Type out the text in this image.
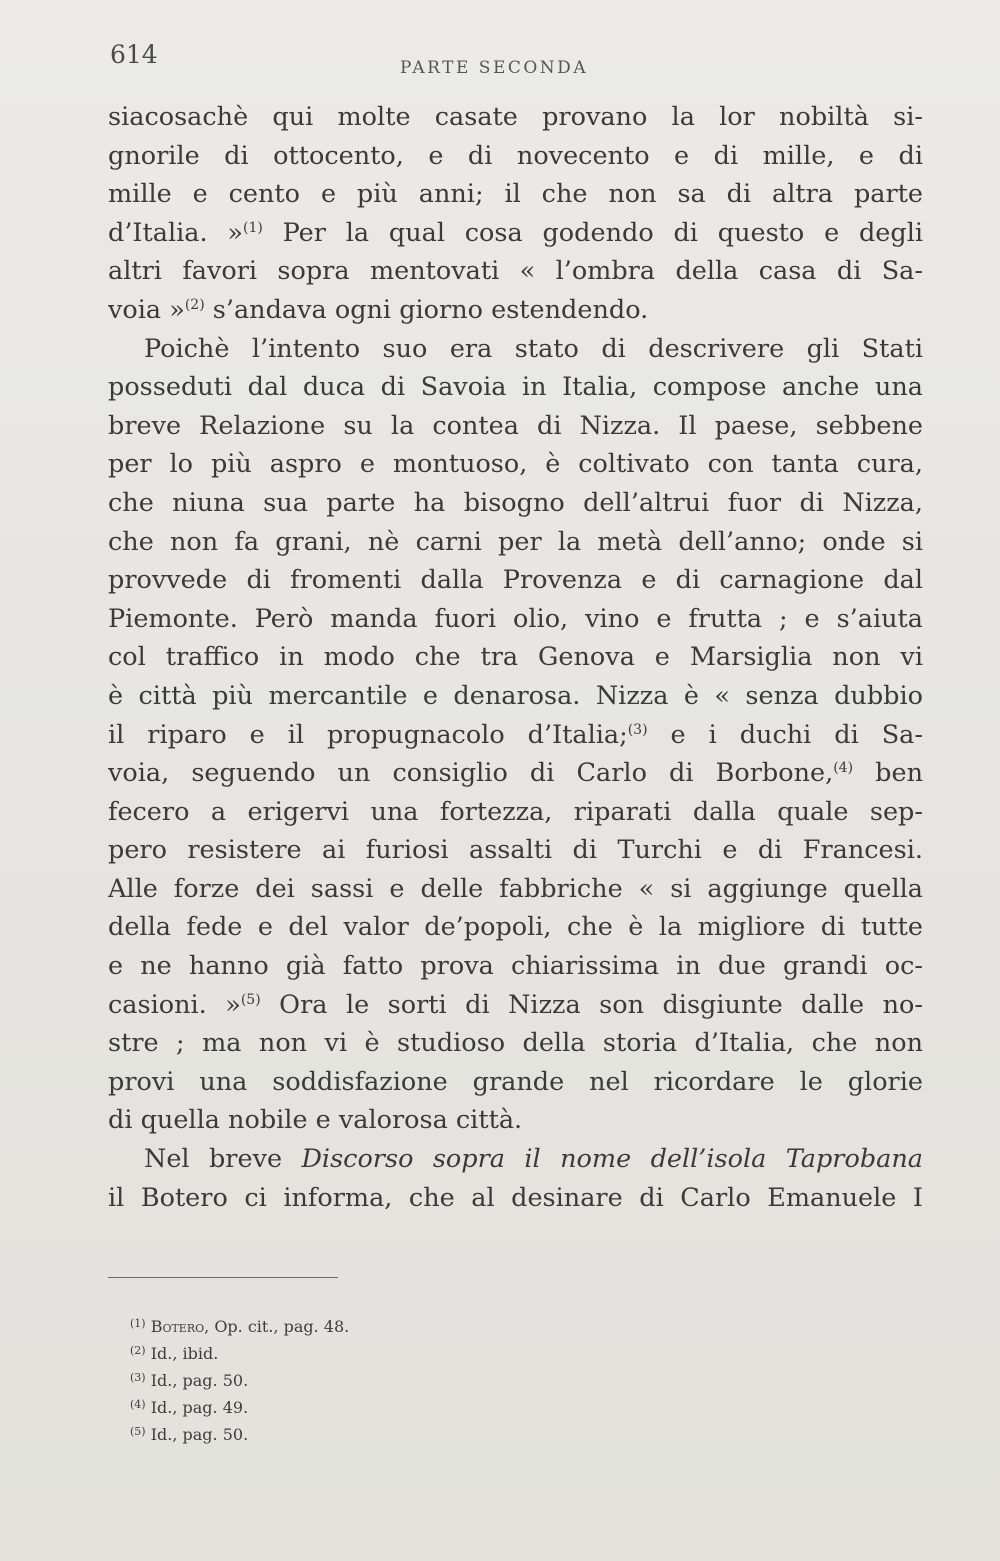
614	PARTE SECONDA
siacosachè qui molte casate provano la lor nobiltà si-
gnorile di ottocento, e di novecento e di mille, e di
mille e cento e più anni; il che non sa di altra parte
d’Italia. »$^{(1)}$ Per la qual cosa godendo di questo e degli
altri favori sopra mentovati « l’ombra della casa di Sa-
voia »$^{(2)}$ s’andava ogni giorno estendendo.
Poichè l’intento suo era stato di descrivere gli Stati
posseduti dal duca di Savoia in Italia, compose anche una
breve Relazione su la contea di Nizza. Il paese, sebbene
per lo più aspro e montuoso, è coltivato con tanta cura,
che niuna sua parte ha bisogno dell’altrui fuor di Nizza,
che non fa grani, nè carni per la metà dell’anno; onde si
provvede di fromenti dalla Provenza e di carnagione dal
Piemonte. Però manda fuori olio, vino e frutta ; e s’aiuta
col traffico in modo che tra Genova e Marsiglia non vi
è città più mercantile e denarosa. Nizza è « senza dubbio
il riparo e il propugnacolo d’Italia;$^{(3)}$ e i duchi di Sa-
voia, seguendo un consiglio di Carlo di Borbone,$^{(4)}$ ben
fecero a erigervi una fortezza, riparati dalla quale sep-
pero resistere ai furiosi assalti di Turchi e di Francesi.
Alle forze dei sassi e delle fabbriche « si aggiunge quella
della fede e del valor de’popoli, che è la migliore di tutte
e ne hanno già fatto prova chiarissima in due grandi oc-
casioni. »$^{(5)}$ Ora le sorti di Nizza son disgiunte dalle no-
stre ; ma non vi è studioso della storia d’Italia, che non
provi una soddisfazione grande nel ricordare le glorie
di quella nobile e valorosa città.
Nel breve Discorso sopra il nome dell’isola Taprobana
il Botero ci informa, che al desinare di Carlo Emanuele I
$^{(1)}$ Botero, Op. cit., pag. 48.
$^{(2)}$ Id., ibid.
$^{(3)}$ Id., pag. 50.
$^{(4)}$ Id., pag. 49.
$^{(5)}$ Id., pag. 50.
